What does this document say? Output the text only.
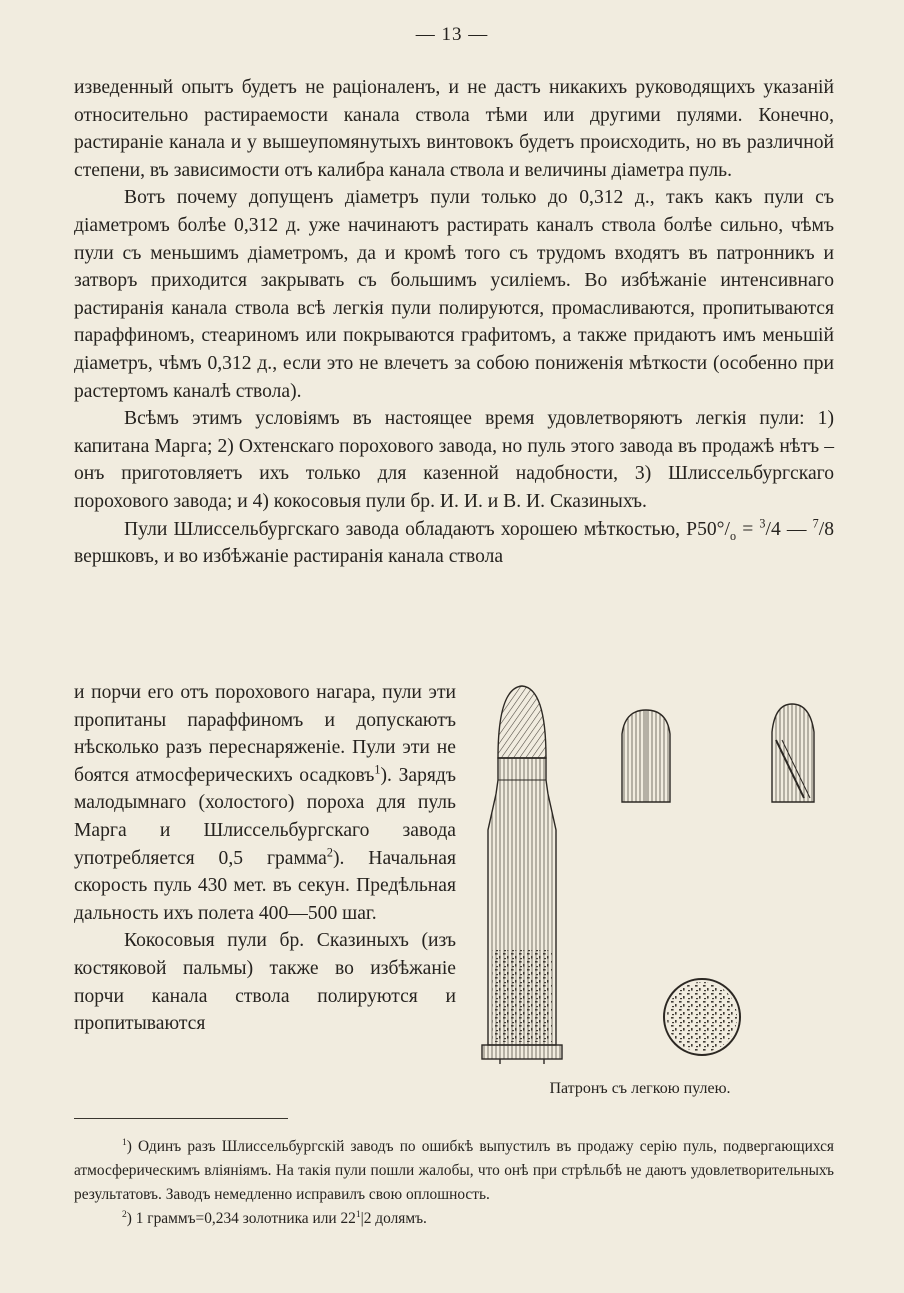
— 13 —

изведенный опытъ будетъ не раціоналенъ, и не дастъ никакихъ руководящихъ указаній относительно растираемости канала ствола тѣми или другими пулями. Конечно, растираніе канала и у вышеупомянутыхъ винтовокъ будетъ происходить, но въ различной степени, въ зависимости отъ калибра канала ствола и величины діаметра пуль.

Вотъ почему допущенъ діаметръ пули только до 0,312 д., такъ какъ пули съ діаметромъ болѣе 0,312 д. уже начинаютъ растирать каналъ ствола болѣе сильно, чѣмъ пули съ меньшимъ діаметромъ, да и кромѣ того съ трудомъ входятъ въ патронникъ и затворъ приходится закрывать съ большимъ усиліемъ. Во избѣжаніе интенсивнаго растиранія канала ствола всѣ легкія пули полируются, промасливаются, пропитываются параффиномъ, стеариномъ или покрываются графитомъ, а также придаютъ имъ меньшій діаметръ, чѣмъ 0,312 д., если это не влечетъ за собою пониженія мѣткости (особенно при растертомъ каналѣ ствола).

Всѣмъ этимъ условіямъ въ настоящее время удовлетворяютъ легкія пули: 1) капитана Марга; 2) Охтенскаго порохового завода, но пуль этого завода въ продажѣ нѣтъ – онъ приготовляетъ ихъ только для казенной надобности, 3) Шлиссельбургскаго порохового завода; и 4) кокосовыя пули бр. И. И. и В. И. Сказиныхъ.

Пули Шлиссельбургскаго завода обладаютъ хорошею мѣткостью, $P50^\circ/_о = ^3/4$ — $^7$/8 вершковъ, и во избѣжаніе растиранія канала ствола

и порчи его отъ порохового нагара, пули эти пропитаны параффиномъ и допускаютъ нѣсколько разъ переснаряженіе. Пули эти не боятся атмосферическихъ осадковъ$^1$). Зарядъ малодымнаго (холостого) пороха для пуль Марга и Шлиссельбургскаго завода употребляется 0,5 грамма$^2$). Начальная скорость пуль 430 мет. въ секун. Предѣльная дальность ихъ полета 400—500 шаг.

Кокосовыя пули бр. Сказиныхъ (изъ костяковой пальмы) также во избѣжаніе порчи канала ствола полируются и пропитываются

Патронъ съ легкою пулею.

$^1$) Одинъ разъ Шлиссельбургскій заводъ по ошибкѣ выпустилъ въ продажу серію пуль, подвергающихся атмосферическимъ вліяніямъ. На такія пули пошли жалобы, что онѣ при стрѣльбѣ не даютъ удовлетворительныхъ результатовъ. Заводъ немедленно исправилъ свою оплошность.

$^2$) 1 граммъ=0,234 золотника или $22^1|2$ долямъ.
